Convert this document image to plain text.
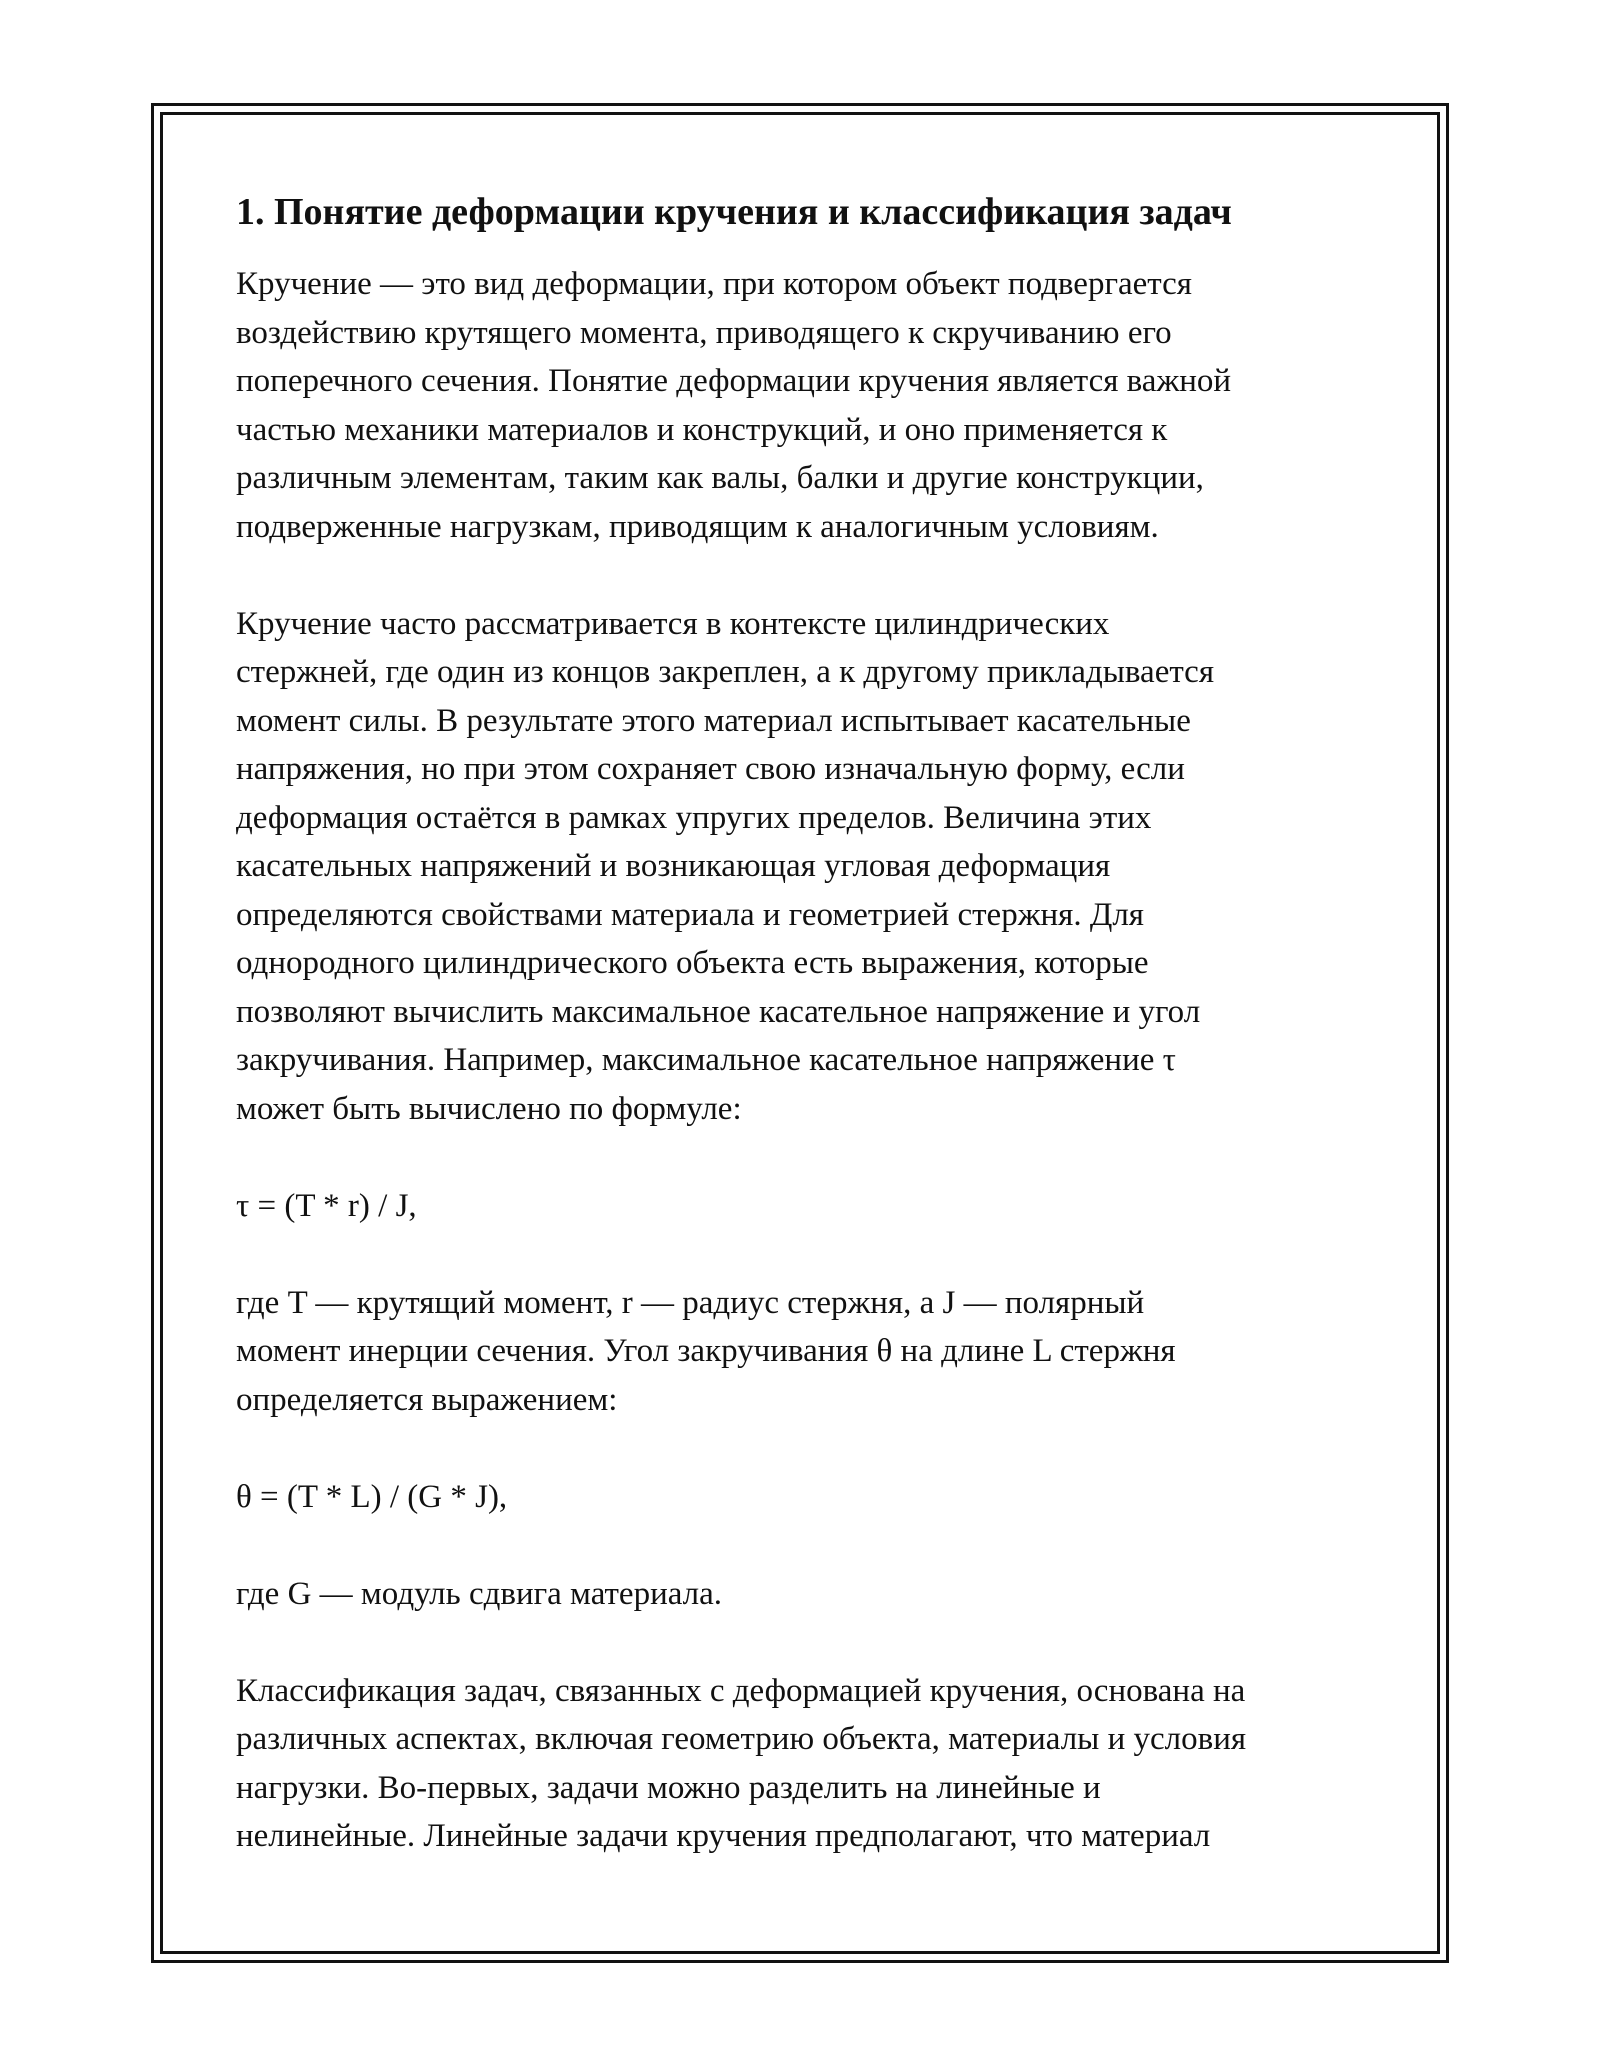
1. Понятие деформации кручения и классификация задач
Кручение — это вид деформации, при котором объект подвергается
воздействию крутящего момента, приводящего к скручиванию его
поперечного сечения. Понятие деформации кручения является важной
частью механики материалов и конструкций, и оно применяется к
различным элементам, таким как валы, балки и другие конструкции,
подверженные нагрузкам, приводящим к аналогичным условиям.
Кручение часто рассматривается в контексте цилиндрических
стержней, где один из концов закреплен, а к другому прикладывается
момент силы. В результате этого материал испытывает касательные
напряжения, но при этом сохраняет свою изначальную форму, если
деформация остаётся в рамках упругих пределов. Величина этих
касательных напряжений и возникающая угловая деформация
определяются свойствами материала и геометрией стержня. Для
однородного цилиндрического объекта есть выражения, которые
позволяют вычислить максимальное касательное напряжение и угол
закручивания. Например, максимальное касательное напряжение τ
может быть вычислено по формуле:
τ = (T * r) / J,
где T — крутящий момент, r — радиус стержня, а J — полярный
момент инерции сечения. Угол закручивания θ на длине L стержня
определяется выражением:
θ = (T * L) / (G * J),
где G — модуль сдвига материала.
Классификация задач, связанных с деформацией кручения, основана на
различных аспектах, включая геометрию объекта, материалы и условия
нагрузки. Во-первых, задачи можно разделить на линейные и
нелинейные. Линейные задачи кручения предполагают, что материал
